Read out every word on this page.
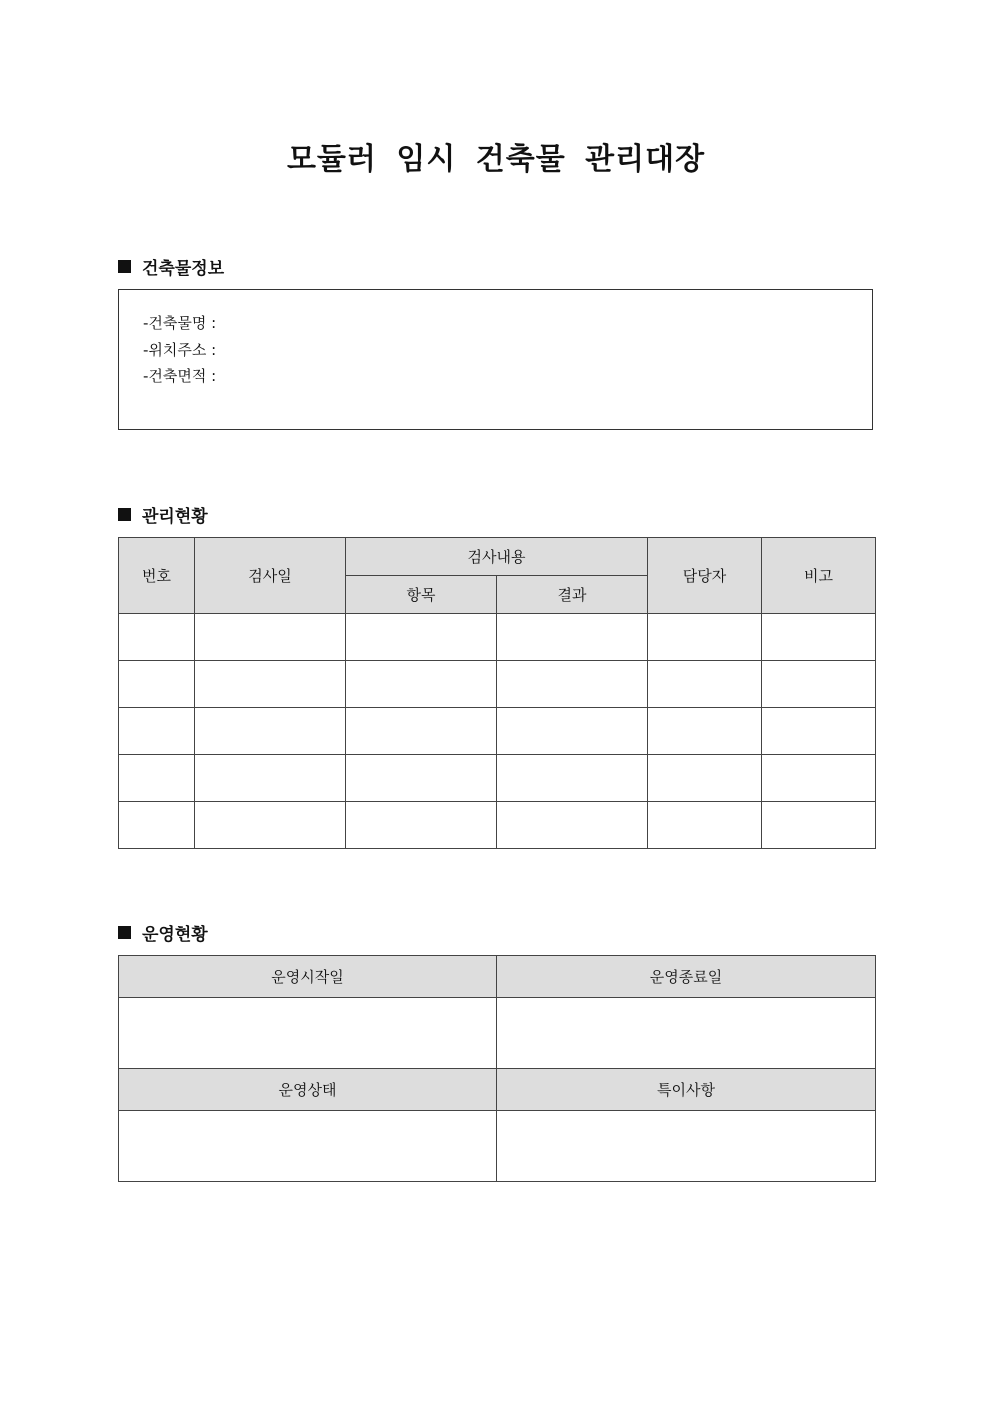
모듈러 임시 건축물 관리대장
건축물정보
-건축물명 :
-위치주소 :
-건축면적 :
관리현황
번호	검사일	검사내용		담당자	비고
		항목	결과		

운영현황
운영시작일	운영종료일

운영상태	특이사항
